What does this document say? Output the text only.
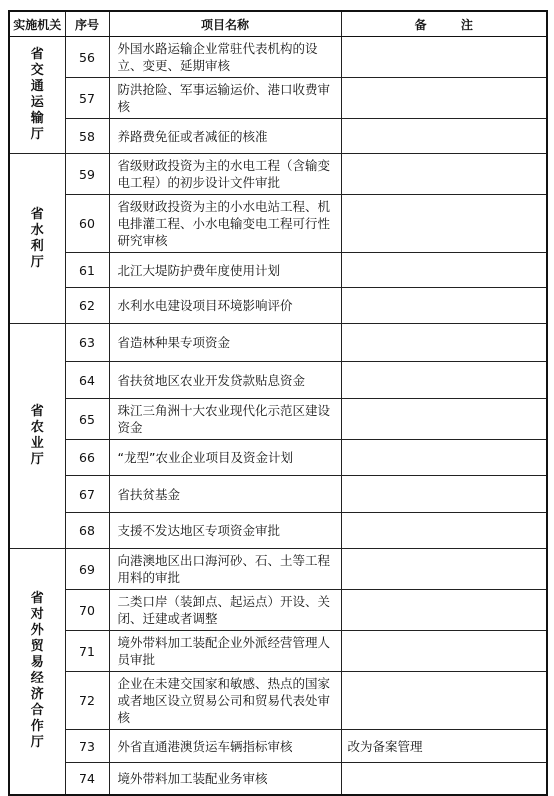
实施机关	序号	项目名称	备 注

省交通运输厅	56	外国水路运输企业常驻代表机构的设立、变更、延期审核	
	57	防洪抢险、军事运输运价、港口收费审核	
	58	养路费免征或者减征的核准	

省水利厅	59	省级财政投资为主的水电工程（含输变电工程）的初步设计文件审批	
	60	省级财政投资为主的小水电站工程、机电排灌工程、小水电输变电工程可行性研究审核	
	61	北江大堤防护费年度使用计划	
	62	水利水电建设项目环境影响评价	

省农业厅	63	省造林种果专项资金	
	64	省扶贫地区农业开发贷款贴息资金	
	65	珠江三角洲十大农业现代化示范区建设资金	
	66	“龙型”农业企业项目及资金计划	
	67	省扶贫基金	
	68	支援不发达地区专项资金审批	

省对外贸易经济合作厅	69	向港澳地区出口海河砂、石、土等工程用料的审批	
	70	二类口岸（装卸点、起运点）开设、关闭、迁建或者调整	
	71	境外带料加工装配企业外派经营管理人员审批	
	72	企业在未建交国家和敏感、热点的国家或者地区设立贸易公司和贸易代表处审核	
	73	外省直通港澳货运车辆指标审核	改为备案管理
	74	境外带料加工装配业务审核	
